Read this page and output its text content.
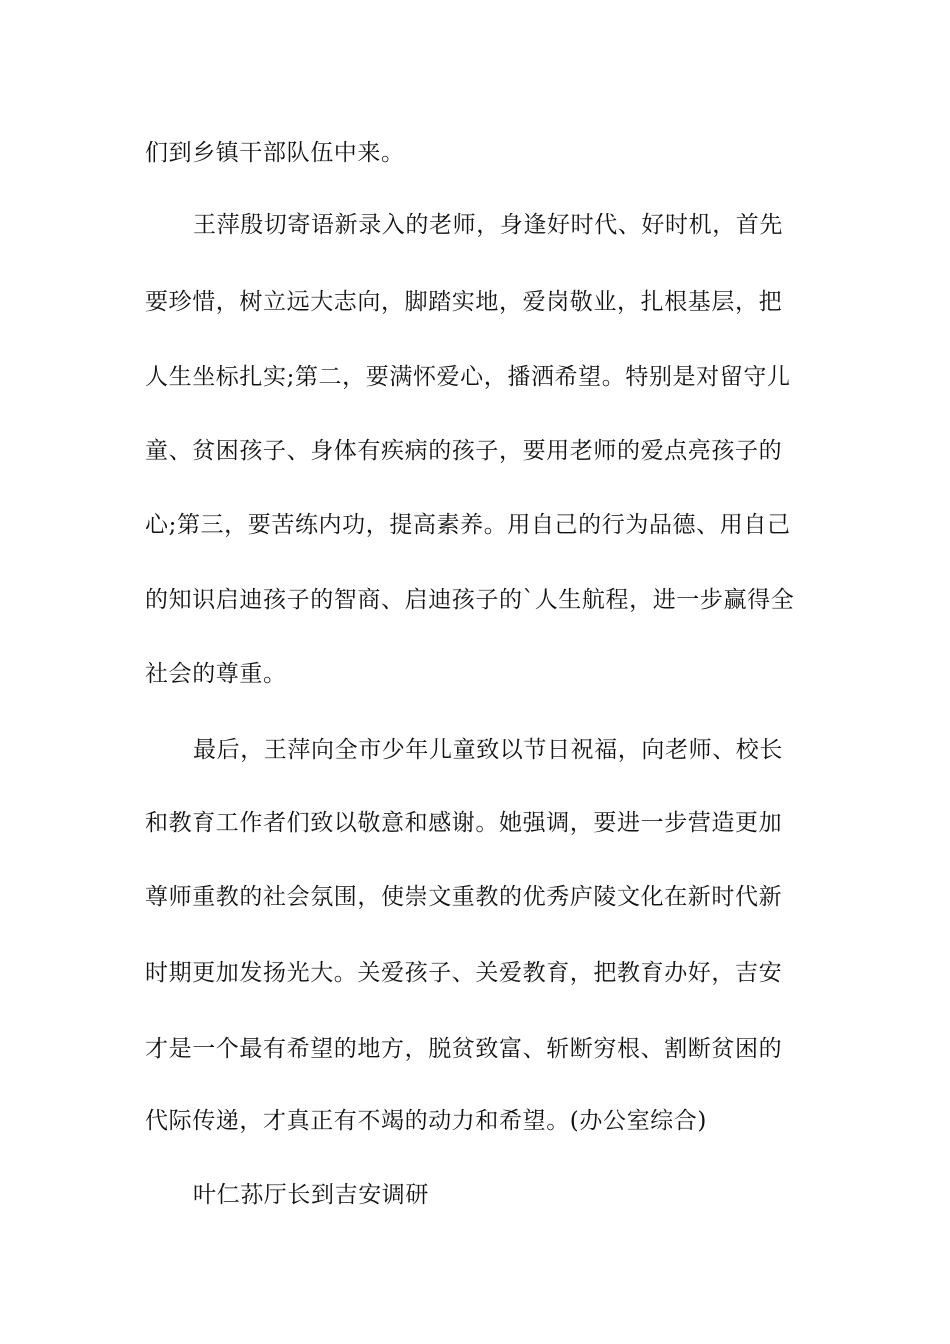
们到乡镇干部队伍中来。
王萍殷切寄语新录入的老师，身逢好时代、好时机，首先
要珍惜，树立远大志向，脚踏实地，爱岗敬业，扎根基层，把
人生坐标扎实;第二，要满怀爱心，播洒希望。特别是对留守儿
童、贫困孩子、身体有疾病的孩子，要用老师的爱点亮孩子的
心;第三，要苦练内功，提高素养。用自己的行为品德、用自己
的知识启迪孩子的智商、启迪孩子的`人生航程，进一步赢得全
社会的尊重。
最后，王萍向全市少年儿童致以节日祝福，向老师、校长
和教育工作者们致以敬意和感谢。她强调，要进一步营造更加
尊师重教的社会氛围，使崇文重教的优秀庐陵文化在新时代新
时期更加发扬光大。关爱孩子、关爱教育，把教育办好，吉安
才是一个最有希望的地方，脱贫致富、斩断穷根、割断贫困的
代际传递，才真正有不竭的动力和希望。(办公室综合)
叶仁荪厅长到吉安调研
